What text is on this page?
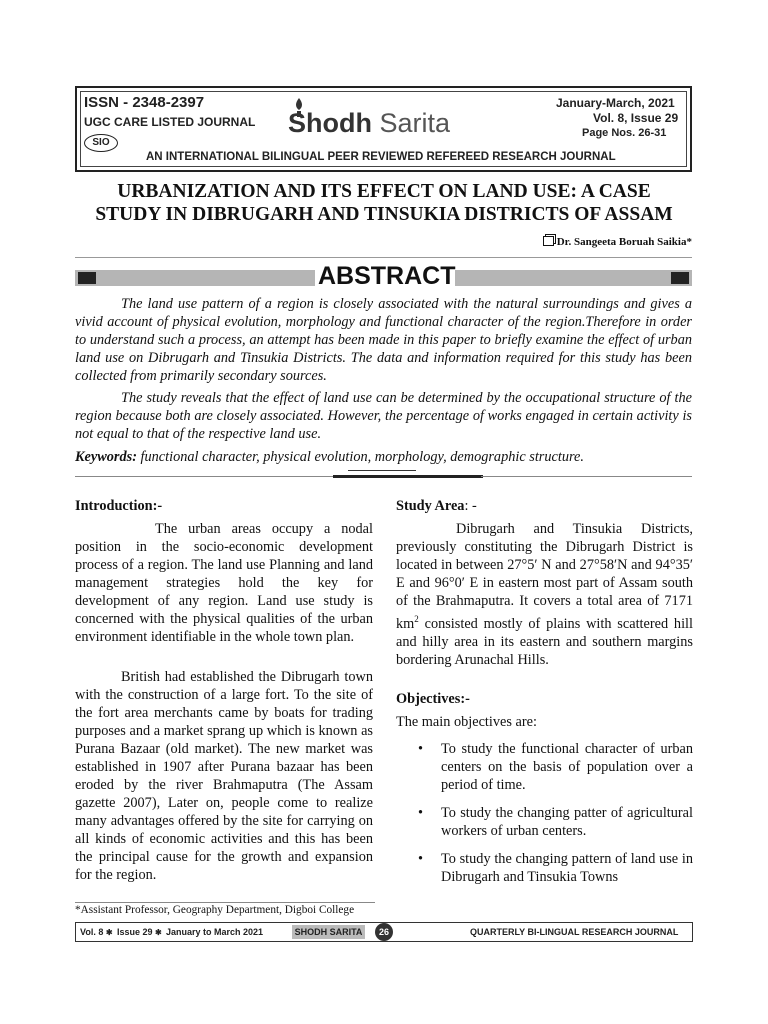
ISSN - 2348-2397
UGC CARE LISTED JOURNAL
SIO
Shodh Sarita
January-March, 2021
Vol. 8, Issue 29
Page Nos. 26-31
AN INTERNATIONAL BILINGUAL PEER REVIEWED REFEREED RESEARCH JOURNAL
URBANIZATION AND ITS EFFECT ON LAND USE: A CASE
STUDY IN DIBRUGARH AND TINSUKIA DISTRICTS OF ASSAM
Dr. Sangeeta Boruah Saikia*
ABSTRACT
The land use pattern of a region is closely associated with the natural surroundings and gives a vivid account of physical evolution, morphology and functional character of the region.Therefore in order to understand such a process, an attempt has been made in this paper to briefly examine the effect of urban land use on Dibrugarh and Tinsukia Districts. The data and information required for this study has been collected from primarily secondary sources.
The study reveals that the effect of land use can be determined by the occupational structure of the region because both are closely associated. However, the percentage of works engaged in certain activity is not equal to that of the respective land use.
Keywords: functional character, physical evolution, morphology, demographic structure.
Introduction:-
The urban areas occupy a nodal position in the socio-economic development process of a region. The land use Planning and land management strategies hold the key for development of any region. Land use study is concerned with the physical qualities of the urban environment identifiable in the whole town plan.
British had established the Dibrugarh town with the construction of a large fort. To the site of the fort area merchants came by boats for trading purposes and a market sprang up which is known as Purana Bazaar (old market). The new market was established in 1907 after Purana bazaar has been eroded by the river Brahmaputra (The Assam gazette 2007), Later on, people come to realize many advantages offered by the site for carrying on all kinds of economic activities and this has been the principal cause for the growth and expansion for the region.
Study Area: -
Dibrugarh and Tinsukia Districts, previously constituting the Dibrugarh District is located in between 27°5′ N and 27°58′N and 94°35′ E and 96°0′ E in eastern most part of Assam south of the Brahmaputra. It covers a total area of 7171 $km^2$ consisted mostly of plains with scattered hill and hilly area in its eastern and southern margins bordering Arunachal Hills.
Objectives:-
The main objectives are:
• To study the functional character of urban centers on the basis of population over a period of time.
• To study the changing patter of agricultural workers of urban centers.
• To study the changing pattern of land use in Dibrugarh and Tinsukia Towns
*Assistant Professor, Geography Department, Digboi College
Vol. 8 ✱ Issue 29 ✱ January to March 2021	SHODH SARITA	26	QUARTERLY BI-LINGUAL RESEARCH JOURNAL
